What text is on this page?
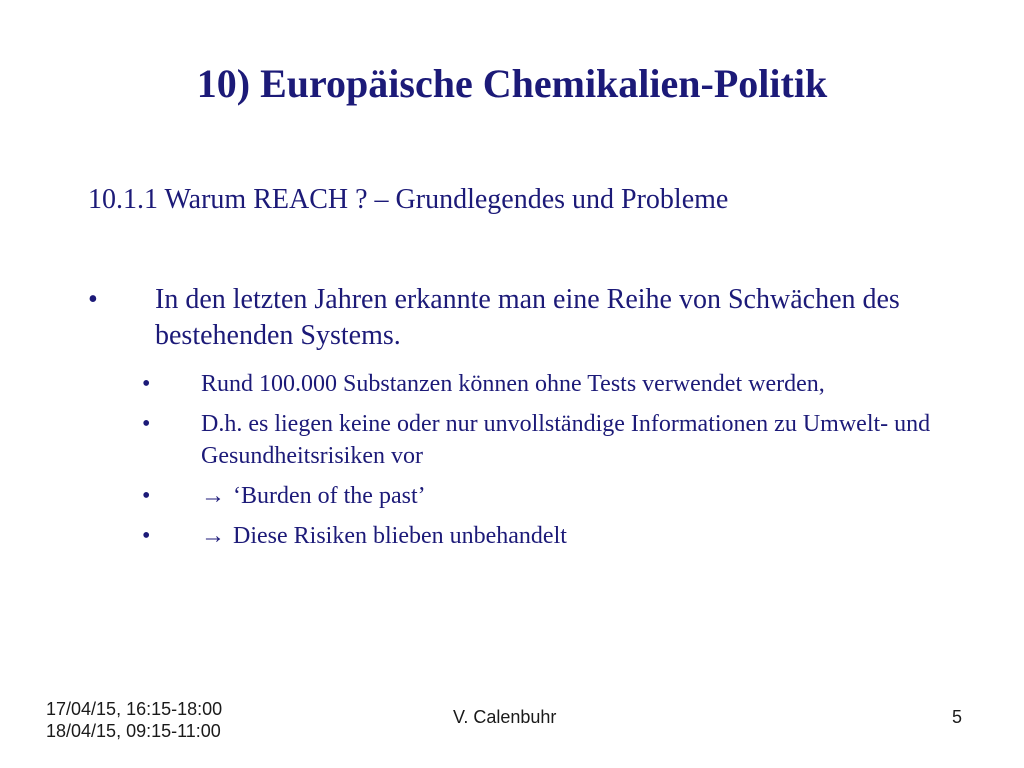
10) Europäische Chemikalien-Politik
10.1.1 Warum REACH ? – Grundlegendes und Probleme
• In den letzten Jahren erkannte man eine Reihe von Schwächen des bestehenden Systems.
• Rund 100.000 Substanzen können ohne Tests verwendet werden,
• D.h. es liegen keine oder nur unvollständige Informationen zu Umwelt- und Gesundheitsrisiken vor
• → ‘Burden of the past’
• → Diese Risiken blieben unbehandelt
17/04/15, 16:15-18:00
18/04/15, 09:15-11:00
V. Calenbuhr	5
